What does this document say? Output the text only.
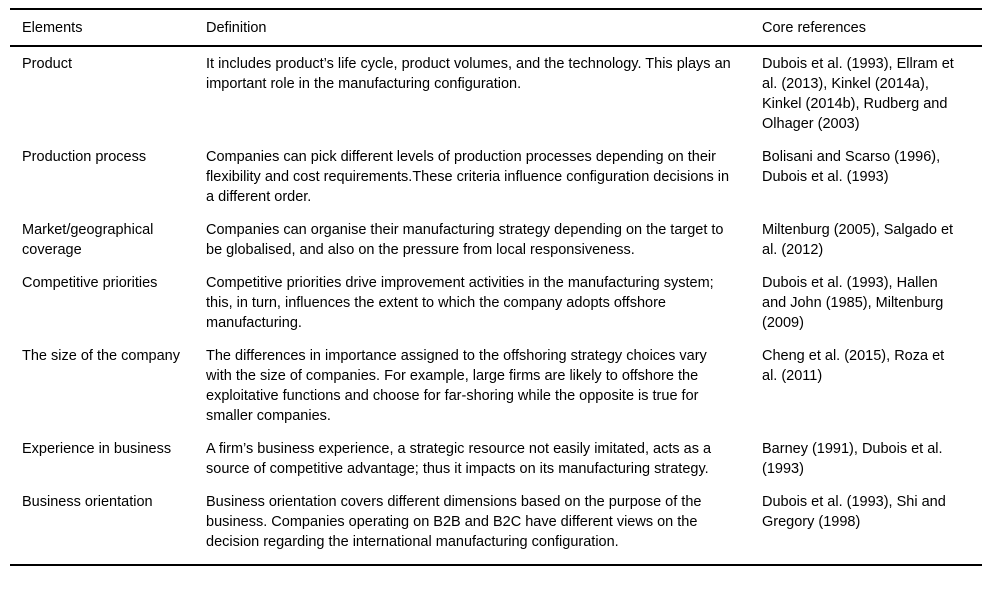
Elements	Definition	Core references
Product	It includes product’s life cycle, product volumes, and the technology. This plays an important role in the manufacturing configuration.	Dubois et al. (1993), Ellram et al. (2013), Kinkel (2014a), Kinkel (2014b), Rudberg and Olhager (2003)
Production process	Companies can pick different levels of production processes depending on their flexibility and cost requirements.These criteria influence configuration decisions in a different order.	Bolisani and Scarso (1996), Dubois et al. (1993)
Market/geographical coverage	Companies can organise their manufacturing strategy depending on the target to be globalised, and also on the pressure from local responsiveness.	Miltenburg (2005), Salgado et al. (2012)
Competitive priorities	Competitive priorities drive improvement activities in the manufacturing system; this, in turn, influences the extent to which the company adopts offshore manufacturing.	Dubois et al. (1993), Hallen and John (1985), Miltenburg (2009)
The size of the company	The differences in importance assigned to the offshoring strategy choices vary with the size of companies. For example, large firms are likely to offshore the exploitative functions and choose for far-shoring while the opposite is true for smaller companies.	Cheng et al. (2015), Roza et al. (2011)
Experience in business	A firm’s business experience, a strategic resource not easily imitated, acts as a source of competitive advantage; thus it impacts on its manufacturing strategy.	Barney (1991), Dubois et al. (1993)
Business orientation	Business orientation covers different dimensions based on the purpose of the business. Companies operating on B2B and B2C have different views on the decision regarding the international manufacturing configuration.	Dubois et al. (1993), Shi and Gregory (1998)
